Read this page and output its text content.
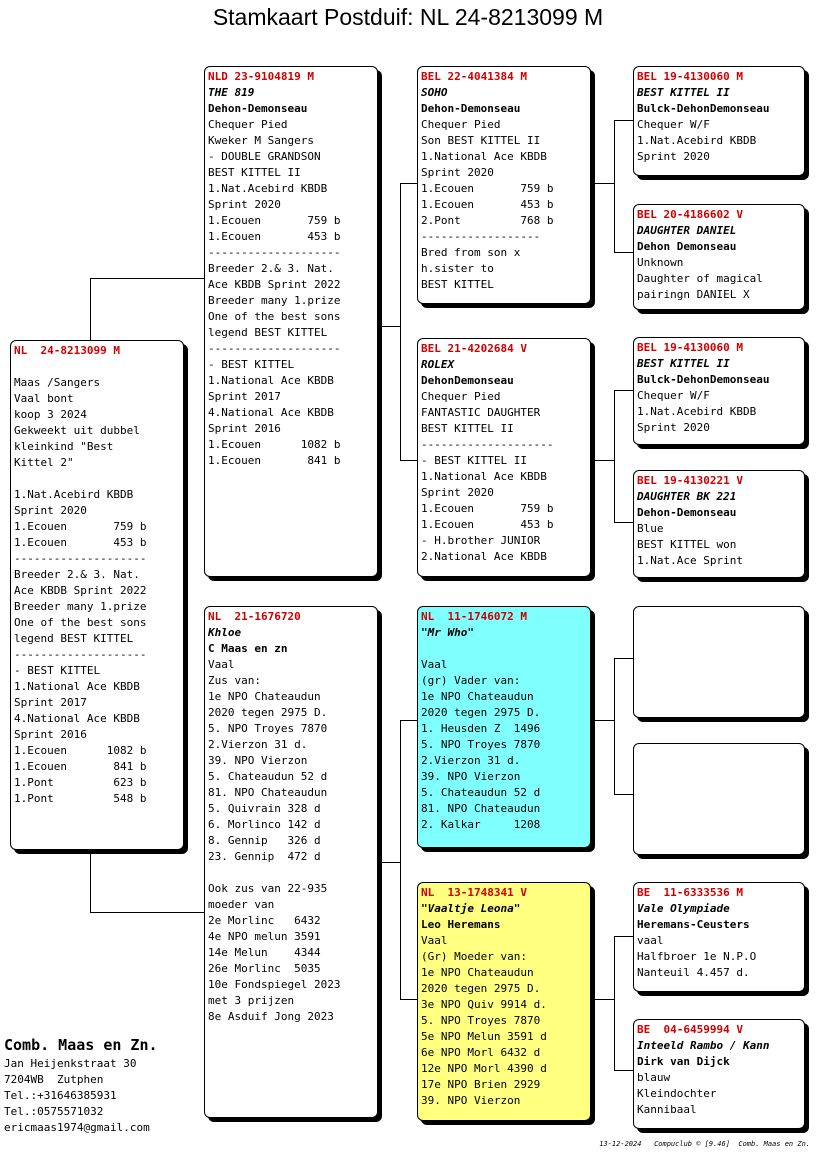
Stamkaart Postduif: NL 24-8213099 M
NL  24-8213099 M
Maas /Sangers
Vaal bont
koop 3 2024
Gekweekt uit dubbel
kleinkind "Best
Kittel 2"
1.Nat.Acebird KBDB
Sprint 2020
1.Ecouen       759 b
1.Ecouen       453 b
--------------------
Breeder 2.& 3. Nat.
Ace KBDB Sprint 2022
Breeder many 1.prize
One of the best sons
legend BEST KITTEL
--------------------
- BEST KITTEL
1.National Ace KBDB
Sprint 2017
4.National Ace KBDB
Sprint 2016
1.Ecouen      1082 b
1.Ecouen       841 b
1.Pont         623 b
1.Pont         548 b
NLD 23-9104819 M
THE 819
Dehon-Demonseau
Chequer Pied
Kweker M Sangers
- DOUBLE GRANDSON
BEST KITTEL II
1.Nat.Acebird KBDB
Sprint 2020
1.Ecouen       759 b
1.Ecouen       453 b
--------------------
Breeder 2.& 3. Nat.
Ace KBDB Sprint 2022
Breeder many 1.prize
One of the best sons
legend BEST KITTEL
--------------------
- BEST KITTEL
1.National Ace KBDB
Sprint 2017
4.National Ace KBDB
Sprint 2016
1.Ecouen      1082 b
1.Ecouen       841 b
NL  21-1676720
Khloe
C Maas en zn
Vaal
Zus van:
1e NPO Chateaudun
2020 tegen 2975 D.
5. NPO Troyes 7870
2.Vierzon 31 d.
39. NPO Vierzon
5. Chateaudun 52 d
81. NPO Chateaudun
5. Quivrain 328 d
6. Morlinco 142 d
8. Gennip   326 d
23. Gennip  472 d
Ook zus van 22-935
moeder van
2e Morlinc   6432
4e NPO melun 3591
14e Melun    4344
26e Morlinc  5035
10e Fondspiegel 2023
met 3 prijzen
8e Asduif Jong 2023
BEL 22-4041384 M
SOHO
Dehon-Demonseau
Chequer Pied
Son BEST KITTEL II
1.National Ace KBDB
Sprint 2020
1.Ecouen       759 b
1.Ecouen       453 b
2.Pont         768 b
------------------
Bred from son x
h.sister to
BEST KITTEL
BEL 21-4202684 V
ROLEX
DehonDemonseau
Chequer Pied
FANTASTIC DAUGHTER
BEST KITTEL II
--------------------
- BEST KITTEL II
1.National Ace KBDB
Sprint 2020
1.Ecouen       759 b
1.Ecouen       453 b
- H.brother JUNIOR
2.National Ace KBDB
NL  11-1746072 M
"Mr Who"
Vaal
(gr) Vader van:
1e NPO Chateaudun
2020 tegen 2975 D.
1. Heusden Z  1496
5. NPO Troyes 7870
2.Vierzon 31 d.
39. NPO Vierzon
5. Chateaudun 52 d
81. NPO Chateaudun
2. Kalkar     1208
NL  13-1748341 V
"Vaaltje Leona"
Leo Heremans
Vaal
(Gr) Moeder van:
1e NPO Chateaudun
2020 tegen 2975 D.
3e NPO Quiv 9914 d.
5. NPO Troyes 7870
5e NPO Melun 3591 d
6e NPO Morl 6432 d
12e NPO Morl 4390 d
17e NPO Brien 2929
39. NPO Vierzon
BEL 19-4130060 M
BEST KITTEL II
Bulck-DehonDemonseau
Chequer W/F
1.Nat.Acebird KBDB
Sprint 2020
BEL 20-4186602 V
DAUGHTER DANIEL
Dehon Demonseau
Unknown
Daughter of magical
pairingn DANIEL X
BEL 19-4130060 M
BEST KITTEL II
Bulck-DehonDemonseau
Chequer W/F
1.Nat.Acebird KBDB
Sprint 2020
BEL 19-4130221 V
DAUGHTER BK 221
Dehon-Demonseau
Blue
BEST KITTEL won
1.Nat.Ace Sprint
BE  11-6333536 M
Vale Olympiade
Heremans-Ceusters
vaal
Halfbroer 1e N.P.O
Nanteuil 4.457 d.
BE  04-6459994 V
Inteeld Rambo / Kann
Dirk van Dijck
blauw
Kleindochter
Kannibaal
Comb. Maas en Zn.
Jan Heijenkstraat 30
7204WB  Zutphen
Tel.:+31646385931
Tel.:0575571032
ericmaas1974@gmail.com
13-12-2024   Compuclub © [9.46]  Comb. Maas en Zn.
